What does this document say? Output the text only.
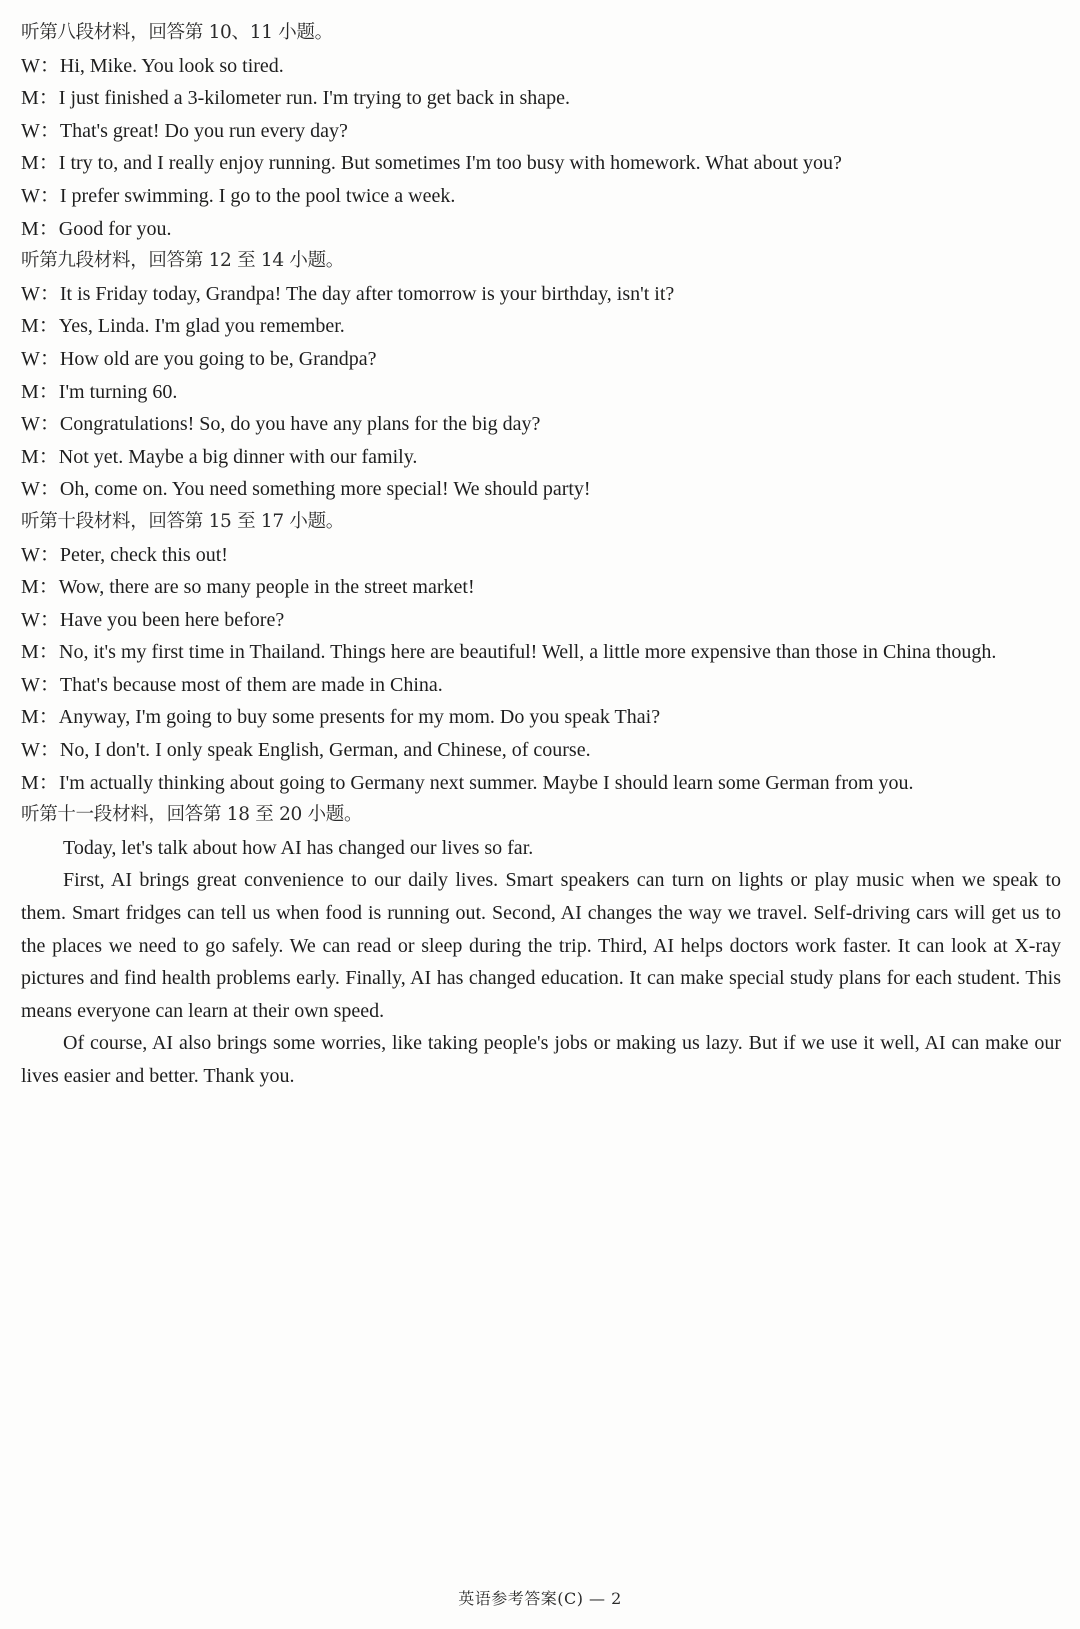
听第八段材料，回答第 10、11 小题。
W：Hi, Mike. You look so tired.
M：I just finished a 3-kilometer run. I'm trying to get back in shape.
W：That's great! Do you run every day?
M：I try to, and I really enjoy running. But sometimes I'm too busy with homework. What about you?
W：I prefer swimming. I go to the pool twice a week.
M：Good for you.
听第九段材料，回答第 12 至 14 小题。
W：It is Friday today, Grandpa! The day after tomorrow is your birthday, isn't it?
M：Yes, Linda. I'm glad you remember.
W：How old are you going to be, Grandpa?
M：I'm turning 60.
W：Congratulations! So, do you have any plans for the big day?
M：Not yet. Maybe a big dinner with our family.
W：Oh, come on. You need something more special! We should party!
听第十段材料，回答第 15 至 17 小题。
W：Peter, check this out!
M：Wow, there are so many people in the street market!
W：Have you been here before?
M：No, it's my first time in Thailand. Things here are beautiful! Well, a little more expensive than those in China though.
W：That's because most of them are made in China.
M：Anyway, I'm going to buy some presents for my mom. Do you speak Thai?
W：No, I don't. I only speak English, German, and Chinese, of course.
M：I'm actually thinking about going to Germany next summer. Maybe I should learn some German from you.
听第十一段材料，回答第 18 至 20 小题。
Today, let's talk about how AI has changed our lives so far.
First, AI brings great convenience to our daily lives. Smart speakers can turn on lights or play music when we speak to them. Smart fridges can tell us when food is running out. Second, AI changes the way we travel. Self-driving cars will get us to the places we need to go safely. We can read or sleep during the trip. Third, AI helps doctors work faster. It can look at X-ray pictures and find health problems early. Finally, AI has changed education. It can make special study plans for each student. This means everyone can learn at their own speed.
Of course, AI also brings some worries, like taking people's jobs or making us lazy. But if we use it well, AI can make our lives easier and better. Thank you.
英语参考答案(C) — 2
